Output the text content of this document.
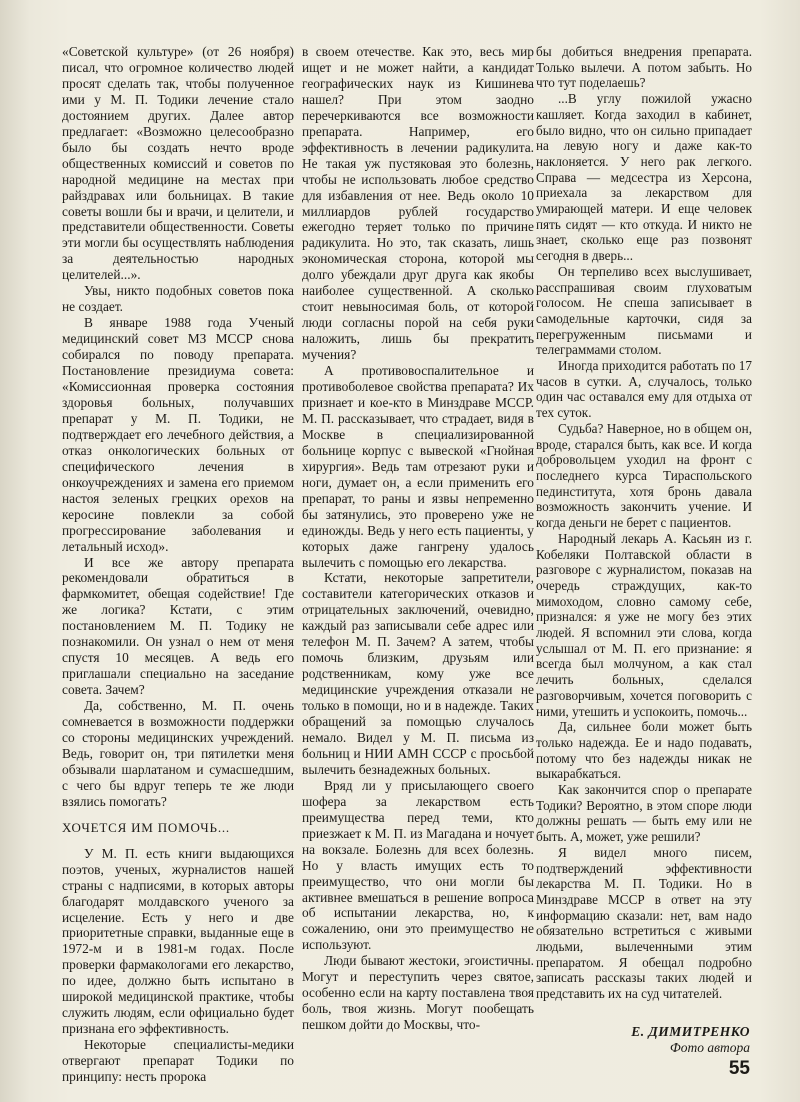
«Советской культуре» (от 26 ноября) писал, что огромное количество людей просят сделать так, чтобы полученное ими у М. П. Тодики лечение стало достоянием других. Далее автор предлагает: «Возможно целесообразно было бы создать нечто вроде общественных комиссий и советов по народной медицине на местах при райздравах или больницах. В такие советы вошли бы и врачи, и целители, и представители общественности. Советы эти могли бы осуществлять наблюдения за деятельностью народных целителей...».

Увы, никто подобных советов пока не создает.

В январе 1988 года Ученый медицинский совет МЗ МССР снова собирался по поводу препарата. Постановление президиума совета: «Комиссионная проверка состояния здоровья больных, получавших препарат у М. П. Тодики, не подтверждает его лечебного действия, а отказ онкологических больных от специфического лечения в онкоучреждениях и замена его приемом настоя зеленых грецких орехов на керосине повлекли за собой прогрессирование заболевания и летальный исход».

И все же автору препарата рекомендовали обратиться в фармкомитет, обещая содействие! Где же логика? Кстати, с этим постановлением М. П. Тодику не познакомили. Он узнал о нем от меня спустя 10 месяцев. А ведь его приглашали специально на заседание совета. Зачем?

Да, собственно, М. П. очень сомневается в возможности поддержки со стороны медицинских учреждений. Ведь, говорит он, три пятилетки меня обзывали шарлатаном и сумасшедшим, с чего бы вдруг теперь те же люди взялись помогать?

ХОЧЕТСЯ ИМ ПОМОЧЬ...

У М. П. есть книги выдающихся поэтов, ученых, журналистов нашей страны с надписями, в которых авторы благодарят молдавского ученого за исцеление. Есть у него и две приоритетные справки, выданные еще в 1972-м и в 1981-м годах. После проверки фармакологами его лекарство, по идее, должно быть испытано в широкой медицинской практике, чтобы служить людям, если официально будет признана его эффективность.

Некоторые специалисты-медики отвергают препарат Тодики по принципу: несть пророка

в своем отечестве. Как это, весь мир ищет и не может найти, а кандидат географических наук из Кишинева нашел? При этом заодно перечеркиваются все возможности препарата. Например, его эффективность в лечении радикулита. Не такая уж пустяковая это болезнь, чтобы не использовать любое средство для избавления от нее. Ведь около 10 миллиардов рублей государство ежегодно теряет только по причине радикулита. Но это, так сказать, лишь экономическая сторона, которой мы долго убеждали друг друга как якобы наиболее существенной. А сколько стоит невыносимая боль, от которой люди согласны порой на себя руки наложить, лишь бы прекратить мучения?

А противовоспалительное и противоболевое свойства препарата? Их признает и кое-кто в Минздраве МССР. М. П. рассказывает, что страдает, видя в Москве в специализированной больнице корпус с вывеской «Гнойная хирургия». Ведь там отрезают руки и ноги, думает он, а если применить его препарат, то раны и язвы непременно бы затянулись, это проверено уже не единожды. Ведь у него есть пациенты, у которых даже гангрену удалось вылечить с помощью его лекарства.

Кстати, некоторые запретители, составители категорических отказов и отрицательных заключений, очевидно, каждый раз записывали себе адрес или телефон М. П. Зачем? А затем, чтобы помочь близким, друзьям или родственникам, кому уже все медицинские учреждения отказали не только в помощи, но и в надежде. Таких обращений за помощью случалось немало. Видел у М. П. письма из больниц и НИИ АМН СССР с просьбой вылечить безнадежных больных.

Вряд ли у присылающего своего шофера за лекарством есть преимущества перед теми, кто приезжает к М. П. из Магадана и ночует на вокзале. Болезнь для всех болезнь. Но у власть имущих есть то преимущество, что они могли бы активнее вмешаться в решение вопроса об испытании лекарства, но, к сожалению, они это преимущество не используют.

Люди бывают жестоки, эгоистичны. Могут и переступить через святое, особенно если на карту поставлена твоя боль, твоя жизнь. Могут пообещать пешком дойти до Москвы, что-

бы добиться внедрения препарата. Только вылечи. А потом забыть. Но что тут поделаешь?

...В углу пожилой ужасно кашляет. Когда заходил в кабинет, было видно, что он сильно припадает на левую ногу и даже как-то наклоняется. У него рак легкого. Справа — медсестра из Херсона, приехала за лекарством для умирающей матери. И еще человек пять сидят — кто откуда. И никто не знает, сколько еще раз позвонят сегодня в дверь...

Он терпеливо всех выслушивает, расспрашивая своим глуховатым голосом. Не спеша записывает в самодельные карточки, сидя за перегруженным письмами и телеграммами столом.

Иногда приходится работать по 17 часов в сутки. А, случалось, только один час оставался ему для отдыха от тех суток.

Судьба? Наверное, но в общем он, вроде, старался быть, как все. И когда добровольцем уходил на фронт с последнего курса Тираспольского пединститута, хотя бронь давала возможность закончить учение. И когда деньги не берет с пациентов.

Народный лекарь А. Касьян из г. Кобеляки Полтавской области в разговоре с журналистом, показав на очередь страждущих, как-то мимоходом, словно самому себе, признался: я уже не могу без этих людей. Я вспомнил эти слова, когда услышал от М. П. его признание: я всегда был молчуном, а как стал лечить больных, сделался разговорчивым, хочется поговорить с ними, утешить и успокоить, помочь...

Да, сильнее боли может быть только надежда. Ее и надо подавать, потому что без надежды никак не выкарабкаться.

Как закончится спор о препарате Тодики? Вероятно, в этом споре люди должны решать — быть ему или не быть. А, может, уже решили?

Я видел много писем, подтверждений эффективности лекарства М. П. Тодики. Но в Минздраве МССР в ответ на эту информацию сказали: нет, вам надо обязательно встретиться с живыми людьми, вылеченными этим препаратом. Я обещал подробно записать рассказы таких людей и представить их на суд читателей.

Е. ДИМИТРЕНКО
Фото автора
55
